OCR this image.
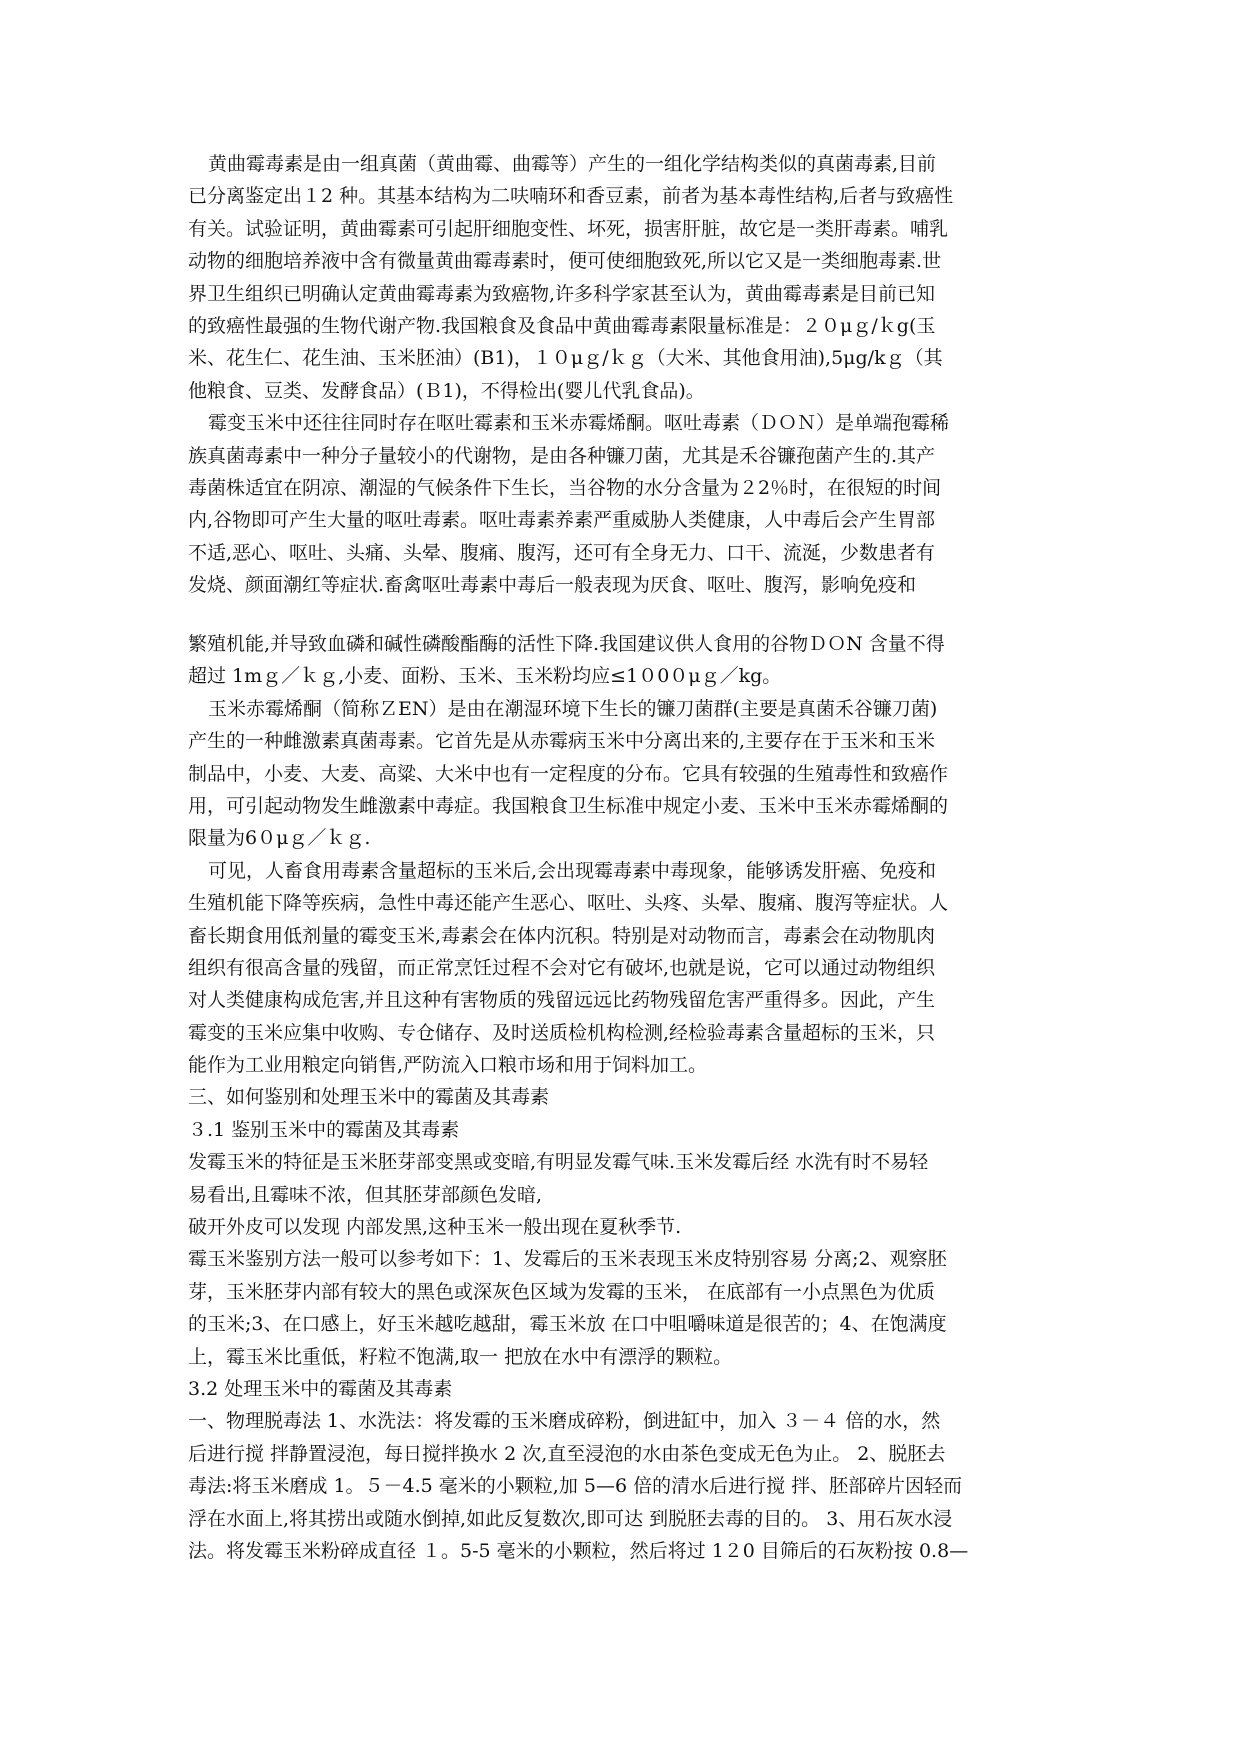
黄曲霉毒素是由一组真菌（黄曲霉、曲霉等）产生的一组化学结构类似的真菌毒素,目前
已分离鉴定出１2 种。其基本结构为二呋喃环和香豆素，前者为基本毒性结构,后者与致癌性
有关。试验证明，黄曲霉素可引起肝细胞变性、坏死，损害肝脏，故它是一类肝毒素。哺乳
动物的细胞培养液中含有微量黄曲霉毒素时，便可使细胞致死,所以它又是一类细胞毒素.世
界卫生组织已明确认定黄曲霉毒素为致癌物,许多科学家甚至认为，黄曲霉毒素是目前已知
的致癌性最强的生物代谢产物.我国粮食及食品中黄曲霉毒素限量标准是：２０μｇ/ｋg(玉
米、花生仁、花生油、玉米胚油）(B1)，１０μｇ/ｋｇ（大米、其他食用油),5μg/kｇ（其
他粮食、豆类、发酵食品）(Ｂ1)，不得检出(婴儿代乳食品)。
霉变玉米中还往往同时存在呕吐霉素和玉米赤霉烯酮。呕吐毒素（ＤＯＮ）是单端孢霉稀
族真菌毒素中一种分子量较小的代谢物，是由各种镰刀菌，尤其是禾谷镰孢菌产生的.其产
毒菌株适宜在阴凉、潮湿的气候条件下生长，当谷物的水分含量为２2％时，在很短的时间
内,谷物即可产生大量的呕吐毒素。呕吐毒素养素严重威胁人类健康，人中毒后会产生胃部
不适,恶心、呕吐、头痛、头晕、腹痛、腹泻，还可有全身无力、口干、流涎，少数患者有
发烧、颜面潮红等症状.畜禽呕吐毒素中毒后一般表现为厌食、呕吐、腹泻，影响免疫和
繁殖机能,并导致血磷和碱性磷酸酯酶的活性下降.我国建议供人食用的谷物ＤＯN 含量不得
超过 1mｇ／ｋｇ,小麦、面粉、玉米、玉米粉均应≤1０0０μｇ／kg。
玉米赤霉烯酮（简称ＺEN）是由在潮湿环境下生长的镰刀菌群(主要是真菌禾谷镰刀菌)
产生的一种雌激素真菌毒素。它首先是从赤霉病玉米中分离出来的,主要存在于玉米和玉米
制品中，小麦、大麦、高粱、大米中也有一定程度的分布。它具有较强的生殖毒性和致癌作
用，可引起动物发生雌激素中毒症。我国粮食卫生标准中规定小麦、玉米中玉米赤霉烯酮的
限量为6０μｇ／ｋｇ.
可见，人畜食用毒素含量超标的玉米后,会出现霉毒素中毒现象，能够诱发肝癌、免疫和
生殖机能下降等疾病，急性中毒还能产生恶心、呕吐、头疼、头晕、腹痛、腹泻等症状。人
畜长期食用低剂量的霉变玉米,毒素会在体内沉积。特别是对动物而言，毒素会在动物肌肉
组织有很高含量的残留，而正常烹饪过程不会对它有破坏,也就是说，它可以通过动物组织
对人类健康构成危害,并且这种有害物质的残留远远比药物残留危害严重得多。因此，产生
霉变的玉米应集中收购、专仓储存、及时送质检机构检测,经检验毒素含量超标的玉米，只
能作为工业用粮定向销售,严防流入口粮市场和用于饲料加工。
三、如何鉴别和处理玉米中的霉菌及其毒素
３.1 鉴别玉米中的霉菌及其毒素
发霉玉米的特征是玉米胚芽部变黑或变暗,有明显发霉气味.玉米发霉后经 水洗有时不易轻
易看出,且霉味不浓，但其胚芽部颜色发暗,
破开外皮可以发现 内部发黑,这种玉米一般出现在夏秋季节.
霉玉米鉴别方法一般可以参考如下：1、发霉后的玉米表现玉米皮特别容易 分离;2、观察胚
芽，玉米胚芽内部有较大的黑色或深灰色区域为发霉的玉米， 在底部有一小点黑色为优质
的玉米;3、在口感上，好玉米越吃越甜，霉玉米放 在口中咀嚼味道是很苦的；4、在饱满度
上，霉玉米比重低，籽粒不饱满,取一 把放在水中有漂浮的颗粒。
3.2 处理玉米中的霉菌及其毒素
一、物理脱毒法 1、水洗法：将发霉的玉米磨成碎粉，倒进缸中，加入 ３－４ 倍的水，然
后进行搅 拌静置浸泡，每日搅拌换水 2 次,直至浸泡的水由茶色变成无色为止。 2、脱胚去
毒法:将玉米磨成 1。５－4.5 毫米的小颗粒,加 5—6 倍的清水后进行搅 拌、胚部碎片因轻而
浮在水面上,将其捞出或随水倒掉,如此反复数次,即可达 到脱胚去毒的目的。 3、用石灰水浸
法。将发霉玉米粉碎成直径 １。5-5 毫米的小颗粒，然后将过 1２0 目筛后的石灰粉按 0.8—
